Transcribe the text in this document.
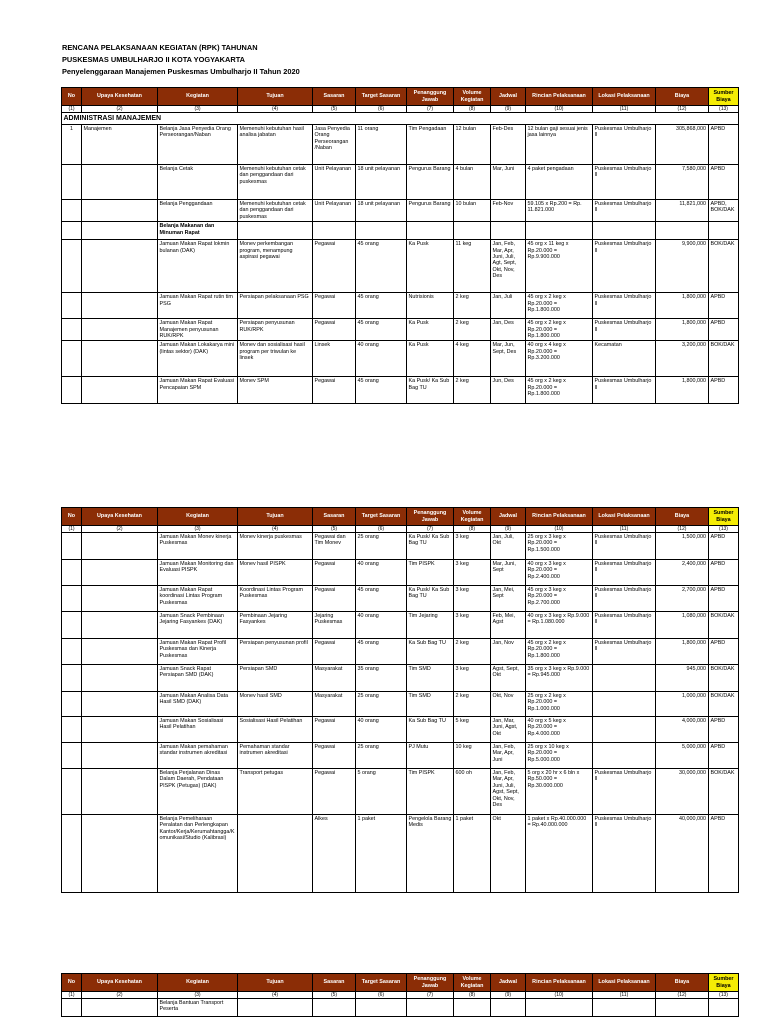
RENCANA PELAKSANAAN KEGIATAN (RPK) TAHUNAN
PUSKESMAS UMBULHARJO II KOTA YOGYAKARTA
Penyelenggaraan Manajemen Puskesmas Umbulharjo II Tahun 2020
No	Upaya Kesehatan	Kegiatan	Tujuan	Sasaran	Target Sasaran	Penanggung Jawab	Volume Kegiatan	Jadwal	Rincian Pelaksanaan	Lokasi Pelaksanaan	Biaya	Sumber Biaya
(1)	(2)	(3)	(4)	(5)	(6)	(7)	(8)	(9)	(10)	(11)	(12)	(13)
ADMINISTRASI MANAJEMEN												
1	Manajemen	Belanja Jasa Penyedia Orang Perseorangan/Naban	Memenuhi kebutuhan hasil analisa jabatan	Jasa Penyedia Orang Perseorangan /Naban	11 orang	Tim Pengadaan	12 bulan	Feb-Des	12 bulan gaji sesuai jenis jasa lainnya	Puskesmas Umbulharjo II	305,868,000	APBD
		Belanja Cetak	Memenuhi kebutuhan cetak dan penggandaan dari puskesmas	Unit Pelayanan	18 unit pelayanan	Pengurus Barang	4 bulan	Mar, Juni	4 paket pengadaan	Puskesmas Umbulharjo II	7,580,000	APBD
		Belanja Penggandaan	Memenuhi kebutuhan cetak dan penggandaan dari puskesmas	Unit Pelayanan	18 unit pelayanan	Pengurus Barang	10 bulan	Feb-Nov	59.105 x Rp.200 = Rp. 11.821.000	Puskesmas Umbulharjo II	11,821,000	APBD, BOK/DAK
		Belanja Makanan dan Minuman Rapat										
		Jamuan Makan Rapat lokmin bulanan (DAK)	Monev perkembangan program, menampung aspirasi pegawai	Pegawai	45 orang	Ka Pusk	11 keg	Jan, Feb, Mar, Apr, Juni, Juli, Agt, Sept, Okt, Nov, Des	45 org x 11 keg x Rp.20.000 = Rp.9.900.000	Puskesmas Umbulharjo II	9,900,000	BOK/DAK
		Jamuan Makan Rapat rutin tim PSG	Persiapan pelaksanaan PSG	Pegawai	45 orang	Nutrisionis	2 keg	Jan, Juli	45 org x 2 keg x Rp.20.000 = Rp.1.800.000	Puskesmas Umbulharjo II	1,800,000	APBD
		Jamuan Makan Rapat Manajemen penyusunan RUK/RPK	Persiapan penyusunan RUK/RPK	Pegawai	45 orang	Ka Pusk	2 keg	Jan, Des	45 org x 2 keg x Rp.20.000 = Rp.1.800.000	Puskesmas Umbulharjo II	1,800,000	APBD
		Jamuan Makan Lokakarya mini (lintas sektor) (DAK)	Monev dan sosialisasi hasil program per triwulan ke linsek	Linsek	40 orang	Ka Pusk	4 keg	Mar, Jun, Sept, Des	40 org x 4 keg x Rp.20.000 = Rp.3.200.000	Kecamatan	3,200,000	BOK/DAK
		Jamuan Makan Rapat Evaluasi Pencapaian SPM	Monev SPM	Pegawai	45 orang	Ka Pusk/ Ka Sub Bag TU	2 keg	Jun, Des	45 org x 2 keg x Rp.20.000 = Rp.1.800.000	Puskesmas Umbulharjo II	1,800,000	APBD
No	Upaya Kesehatan	Kegiatan	Tujuan	Sasaran	Target Sasaran	Penanggung Jawab	Volume Kegiatan	Jadwal	Rincian Pelaksanaan	Lokasi Pelaksanaan	Biaya	Sumber Biaya
(1)	(2)	(3)	(4)	(5)	(6)	(7)	(8)	(9)	(10)	(11)	(12)	(13)
		Jamuan Makan Monev kinerja Puskesmas	Monev kinerja puskesmas	Pegawai dan Tim Monev	25 orang	Ka Pusk/ Ka Sub Bag TU	3 keg	Jan, Juli, Okt	25 org x 3 keg x Rp.20.000 = Rp.1.500.000	Puskesmas Umbulharjo II	1,500,000	APBD
		Jamuan Makan Monitoring dan Evaluasi PISPK	Monev hasil PISPK	Pegawai	40 orang	Tim PISPK	3 keg	Mar, Juni, Sept	40 org x 3 keg x Rp.20.000 = Rp.2.400.000	Puskesmas Umbulharjo II	2,400,000	APBD
		Jamuan Makan Rapat koordinasi Lintas Program Puskesmas	Koordinasi Lintas Program Puskesmas	Pegawai	45 orang	Ka Pusk/ Ka Sub Bag TU	3 keg	Jan, Mei, Sept	45 org x 3 keg x Rp.20.000 = Rp.2.700.000	Puskesmas Umbulharjo II	2,700,000	APBD
		Jamuan Snack Pembinaan Jejaring Fasyankes (DAK)	Pembinaan Jejaring Fasyankes	Jejaring Puskesmas	40 orang	Tim Jejaring	3 keg	Feb, Mei, Agst	40 org x 3 keg x Rp.9.000 = Rp.1.080.000	Puskesmas Umbulharjo II	1,080,000	BOK/DAK
		Jamuan Makan Rapat Profil Puskesmas dan Kinerja Puskesmas	Persiapan penyusunan profil	Pegawai	45 orang	Ka Sub Bag TU	2 keg	Jan, Nov	45 org x 2 keg x Rp.20.000 = Rp.1.800.000	Puskesmas Umbulharjo II	1,800,000	APBD
		Jamuan Snack Rapat Persiapan SMD (DAK)	Persiapan SMD	Masyarakat	35 orang	Tim SMD	3 keg	Agst, Sept, Okt	35 org x 3 keg x Rp.9.000 = Rp.945.000		945,000	BOK/DAK
		Jamuan Makan Analisa Data Hasil SMD (DAK)	Monev hasil SMD	Masyarakat	25 orang	Tim SMD	2 keg	Okt, Nov	25 org x 2 keg x Rp.20.000 = Rp.1.000.000		1,000,000	BOK/DAK
		Jamuan Makan Sosialisasi Hasil Pelatihan	Sosialisasi Hasil Pelatihan	Pegawai	40 orang	Ka Sub Bag TU	5 keg	Jan, Mar, Juni, Agst, Okt	40 org x 5 keg x Rp.20.000 = Rp.4.000.000		4,000,000	APBD
		Jamuan Makan pemahaman standar instrumen akreditasi	Pemahaman standar instrumen akreditasi	Pegawai	25 orang	PJ Mutu	10 keg	Jan, Feb, Mar, Apr, Juni	25 org x 10 keg x Rp.20.000 = Rp.5.000.000		5,000,000	APBD
		Belanja Perjalanan Dinas Dalam Daerah, Pendataan PISPK (Petugas) (DAK)	Transport petugas	Pegawai	5 orang	Tim PISPK	600 oh	Jan, Feb, Mar, Apr, Juni, Juli, Agst, Sept, Okt, Nov, Des	5 org x 20 hr x 6 bln x Rp.50.000 = Rp.30.000.000	Puskesmas Umbulharjo II	30,000,000	BOK/DAK
		Belanja Pemeliharaan Peralatan dan Perlengkapan Kantor/Kerja/Kerumahtangga/Komunikasi/Studio (Kalibrasi)		Alkes	1 paket	Pengelola Barang Medis	1 paket	Okt	1 paket x Rp.40.000.000 = Rp.40.000.000	Puskesmas Umbulharjo II	40,000,000	APBD
No	Upaya Kesehatan	Kegiatan	Tujuan	Sasaran	Target Sasaran	Penanggung Jawab	Volume Kegiatan	Jadwal	Rincian Pelaksanaan	Lokasi Pelaksanaan	Biaya	Sumber Biaya
(1)	(2)	(3)	(4)	(5)	(6)	(7)	(8)	(9)	(10)	(11)	(12)	(13)
		Belanja Bantuan Transport Peserta										
